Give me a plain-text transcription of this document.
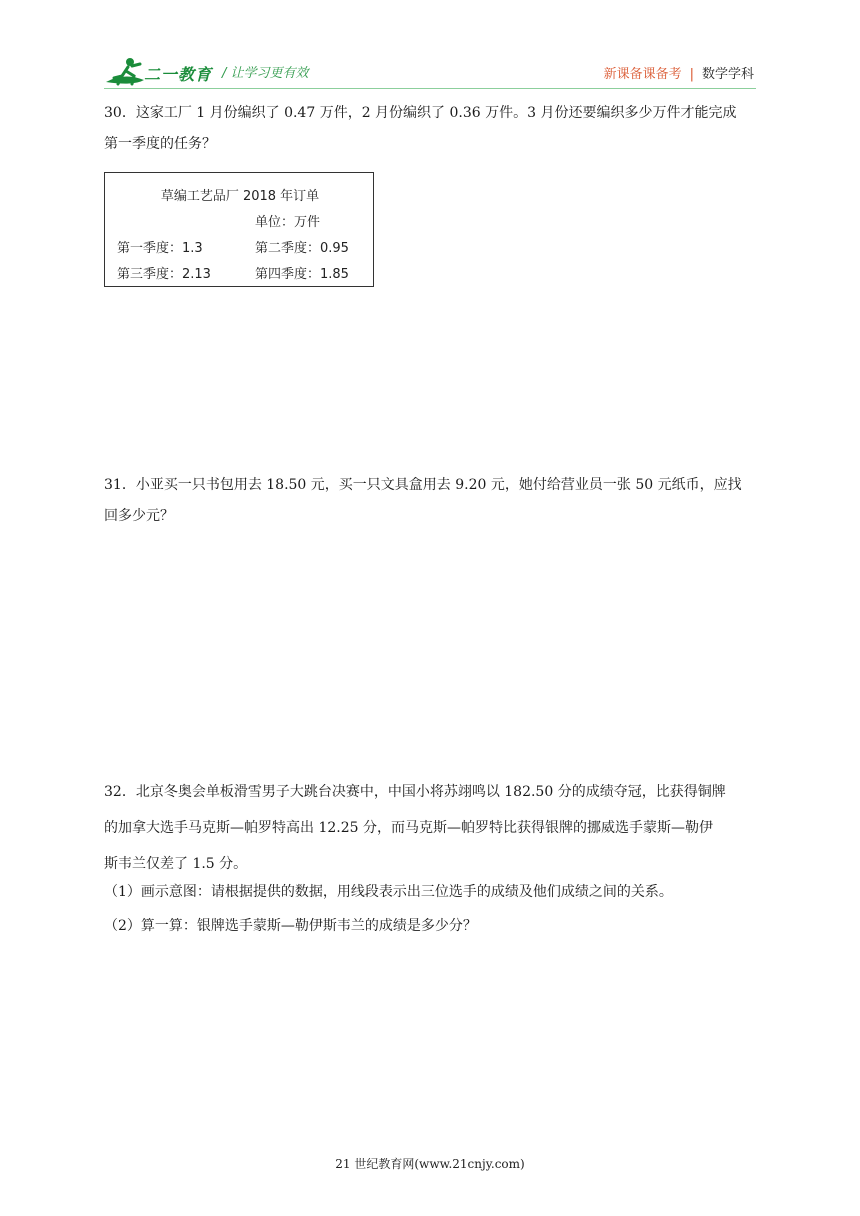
二一教育 / 让学习更有效	新课备课备考 | 数学学科

30．这家工厂 1 月份编织了 0.47 万件，2 月份编织了 0.36 万件。3 月份还要编织多少万件才能完成

第一季度的任务？

草编工艺品厂 2018 年订单
单位：万件
第一季度：1.3	第二季度：0.95
第三季度：2.13	第四季度：1.85

31．小亚买一只书包用去 18.50 元，买一只文具盒用去 9.20 元，她付给营业员一张 50 元纸币，应找

回多少元？

32．北京冬奥会单板滑雪男子大跳台决赛中，中国小将苏翊鸣以 182.50 分的成绩夺冠，比获得铜牌

的加拿大选手马克斯—帕罗特高出 12.25 分，而马克斯—帕罗特比获得银牌的挪威选手蒙斯—勒伊

斯韦兰仅差了 1.5 分。

（1）画示意图：请根据提供的数据，用线段表示出三位选手的成绩及他们成绩之间的关系。
（2）算一算：银牌选手蒙斯—勒伊斯韦兰的成绩是多少分？
21 世纪教育网(www.21cnjy.com)
